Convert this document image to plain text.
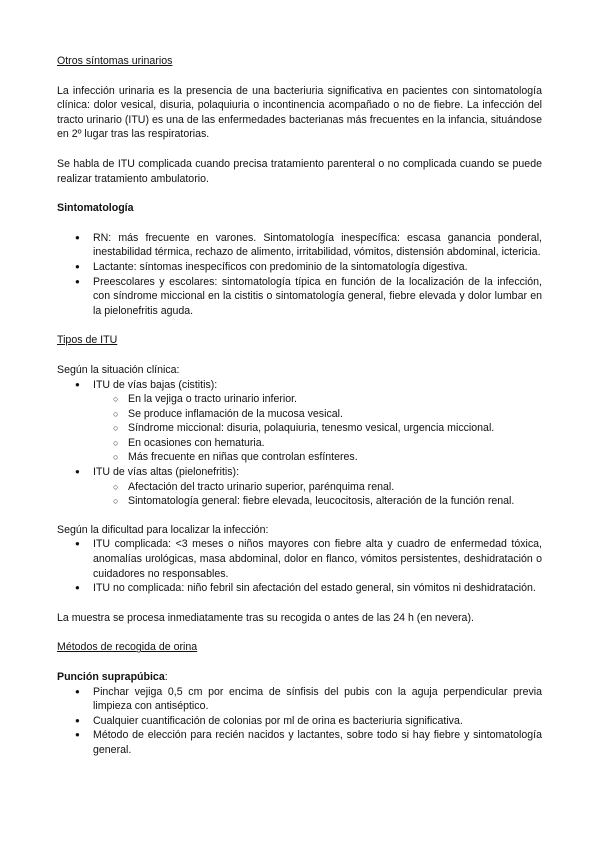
Otros síntomas urinarios

La infección urinaria es la presencia de una bacteriuria significativa en pacientes con sintomatología clínica: dolor vesical, disuria, polaquiuria o incontinencia acompañado o no de fiebre. La infección del tracto urinario (ITU) es una de las enfermedades bacterianas más frecuentes en la infancia, situándose en 2º lugar tras las respiratorias.

Se habla de ITU complicada cuando precisa tratamiento parenteral o no complicada cuando se puede realizar tratamiento ambulatorio.

Sintomatología
● RN: más frecuente en varones. Sintomatología inespecífica: escasa ganancia ponderal, inestabilidad térmica, rechazo de alimento, irritabilidad, vómitos, distensión abdominal, ictericia.
● Lactante: síntomas inespecíficos con predominio de la sintomatología digestiva.
● Preescolares y escolares: sintomatología típica en función de la localización de la infección, con síndrome miccional en la cistitis o sintomatología general, fiebre elevada y dolor lumbar en la pielonefritis aguda.
Tipos de ITU

Según la situación clínica:

● ITU de vías bajas (cistitis):
○ En la vejiga o tracto urinario inferior.
○ Se produce inflamación de la mucosa vesical.
○ Síndrome miccional: disuria, polaquiuria, tenesmo vesical, urgencia miccional.
○ En ocasiones con hematuria.
○ Más frecuente en niñas que controlan esfínteres.
● ITU de vías altas (pielonefritis):
○ Afectación del tracto urinario superior, parénquima renal.
○ Sintomatología general: fiebre elevada, leucocitosis, alteración de la función renal.

Según la dificultad para localizar la infección:

● ITU complicada: <3 meses o niños mayores con fiebre alta y cuadro de enfermedad tóxica, anomalías urológicas, masa abdominal, dolor en flanco, vómitos persistentes, deshidratación o cuidadores no responsables.
● ITU no complicada: niño febril sin afectación del estado general, sin vómitos ni deshidratación.

La muestra se procesa inmediatamente tras su recogida o antes de las 24 h (en nevera).

Métodos de recogida de orina

Punción suprapúbica:

● Pinchar vejiga 0,5 cm por encima de sínfisis del pubis con la aguja perpendicular previa limpieza con antiséptico.
● Cualquier cuantificación de colonias por ml de orina es bacteriuria significativa.
● Método de elección para recién nacidos y lactantes, sobre todo si hay fiebre y sintomatología general.
